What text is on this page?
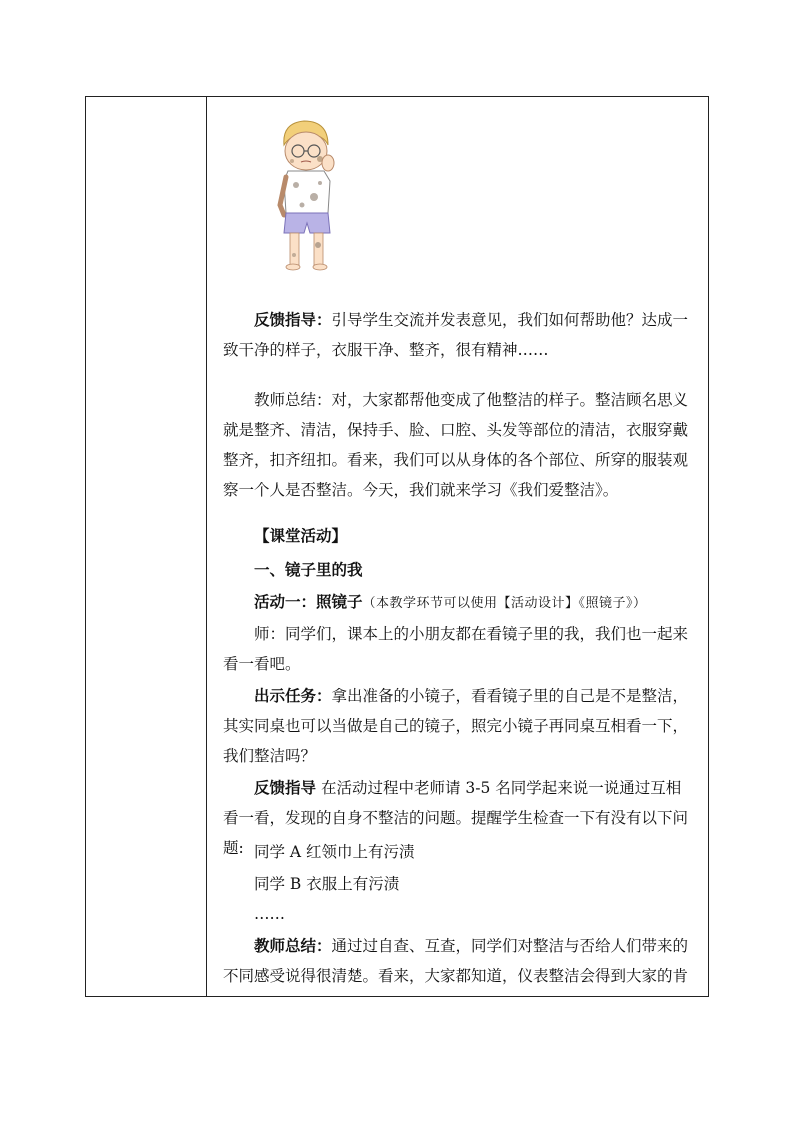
反馈指导：引导学生交流并发表意见，我们如何帮助他？达成一致干净的样子，衣服干净、整齐，很有精神……

教师总结：对，大家都帮他变成了他整洁的样子。整洁顾名思义就是整齐、清洁，保持手、脸、口腔、头发等部位的清洁，衣服穿戴整齐，扣齐纽扣。看来，我们可以从身体的各个部位、所穿的服装观察一个人是否整洁。今天，我们就来学习《我们爱整洁》。

【课堂活动】

一、镜子里的我

活动一：照镜子（本教学环节可以使用【活动设计】《照镜子》）

师：同学们，课本上的小朋友都在看镜子里的我，我们也一起来看一看吧。

出示任务：拿出准备的小镜子，看看镜子里的自己是不是整洁，其实同桌也可以当做是自己的镜子，照完小镜子再同桌互相看一下，我们整洁吗？

反馈指导 在活动过程中老师请 3-5 名同学起来说一说通过互相看一看，发现的自身不整洁的问题。提醒学生检查一下有没有以下问题: 同学 A 红领巾上有污渍

同学 B 衣服上有污渍

……

教师总结：通过过自查、互查，同学们对整洁与否给人们带来的不同感受说得很清楚。看来，大家都知道，仪表整洁会得到大家的肯
